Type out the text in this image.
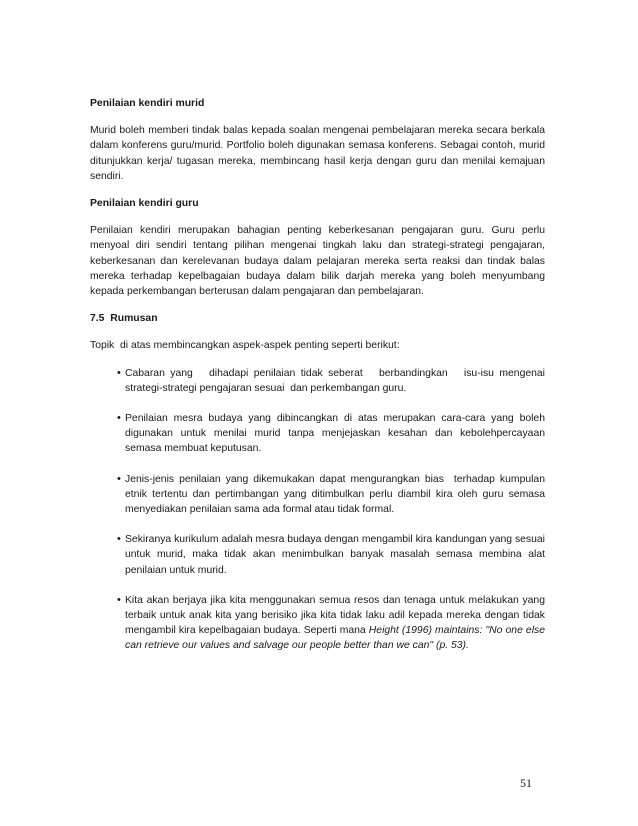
Penilaian kendiri murid
Murid boleh memberi tindak balas kepada soalan mengenai pembelajaran mereka secara berkala dalam konferens guru/murid. Portfolio boleh digunakan semasa konferens. Sebagai contoh, murid ditunjukkan kerja/ tugasan mereka, membincang hasil kerja dengan guru dan menilai kemajuan sendiri.
Penilaian kendiri guru
Penilaian kendiri merupakan bahagian penting keberkesanan pengajaran guru. Guru perlu menyoal diri sendiri tentang pilihan mengenai tingkah laku dan strategi-strategi pengajaran, keberkesanan dan kerelevanan budaya dalam pelajaran mereka serta reaksi dan tindak balas mereka terhadap kepelbagaian budaya dalam bilik darjah mereka yang boleh menyumbang kepada perkembangan berterusan dalam pengajaran dan pembelajaran.
7.5  Rumusan
Topik  di atas membincangkan aspek-aspek penting seperti berikut:
• Cabaran yang   dihadapi penilaian tidak seberat   berbandingkan   isu-isu mengenai strategi-strategi pengajaran sesuai  dan perkembangan guru.
• Penilaian mesra budaya yang dibincangkan di atas merupakan cara-cara yang boleh digunakan untuk menilai murid tanpa menjejaskan kesahan dan kebolehpercayaan semasa membuat keputusan.
• Jenis-jenis penilaian yang dikemukakan dapat mengurangkan bias  terhadap kumpulan etnik tertentu dan pertimbangan yang ditimbulkan perlu diambil kira oleh guru semasa menyediakan penilaian sama ada formal atau tidak formal.
• Sekiranya kurikulum adalah mesra budaya dengan mengambil kira kandungan yang sesuai untuk murid, maka tidak akan menimbulkan banyak masalah semasa membina alat penilaian untuk murid.
• Kita akan berjaya jika kita menggunakan semua resos dan tenaga untuk melakukan yang terbaik untuk anak kita yang berisiko jika kita tidak laku adil kepada mereka dengan tidak mengambil kira kepelbagaian budaya. Seperti mana Height (1996) maintains: "No one else can retrieve our values and salvage our people better than we can" (p. 53).
51
